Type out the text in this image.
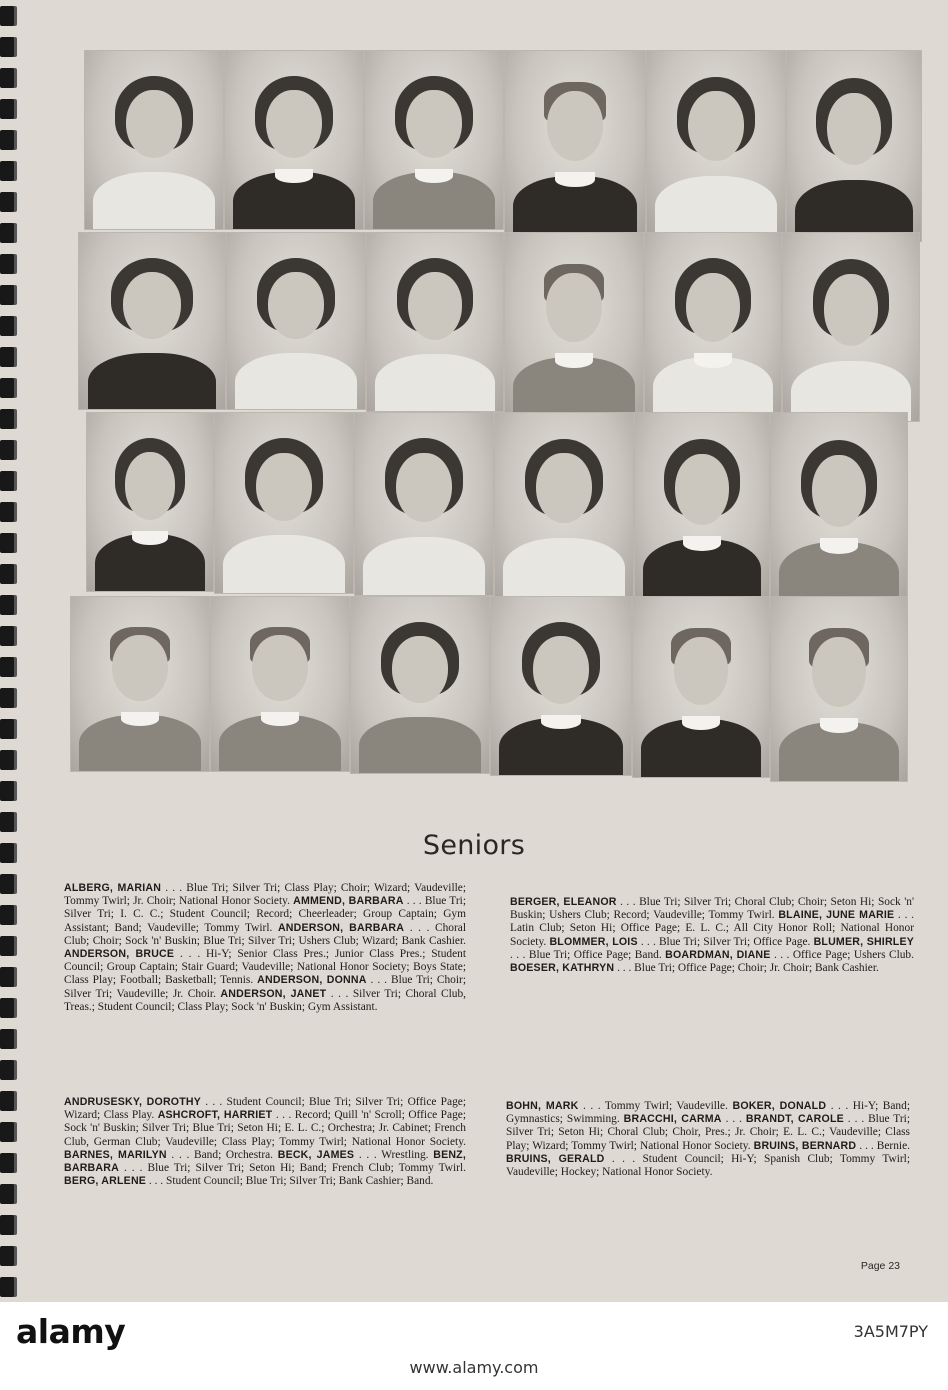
Seniors
ALBERG, MARIAN . . . Blue Tri; Silver Tri; Class Play; Choir; Wizard; Vaudeville; Tommy Twirl; Jr. Choir; National Honor Society. AMMEND, BARBARA . . . Blue Tri; Silver Tri; I. C. C.; Student Council; Record; Cheerleader; Group Captain; Gym Assistant; Band; Vaudeville; Tommy Twirl. ANDERSON, BARBARA . . . Choral Club; Choir; Sock 'n' Buskin; Blue Tri; Silver Tri; Ushers Club; Wizard; Bank Cashier. ANDERSON, BRUCE . . . Hi-Y; Senior Class Pres.; Junior Class Pres.; Student Council; Group Captain; Stair Guard; Vaudeville; National Honor Society; Boys State; Class Play; Football; Basketball; Tennis. ANDERSON, DONNA . . . Blue Tri; Choir; Silver Tri; Vaudeville; Jr. Choir. ANDERSON, JANET . . . Silver Tri; Choral Club, Treas.; Student Council; Class Play; Sock 'n' Buskin; Gym Assistant.
ANDRUSESKY, DOROTHY . . . Student Council; Blue Tri; Silver Tri; Office Page; Wizard; Class Play. ASHCROFT, HARRIET . . . Record; Quill 'n' Scroll; Office Page; Sock 'n' Buskin; Silver Tri; Blue Tri; Seton Hi; E. L. C.; Orchestra; Jr. Cabinet; French Club, German Club; Vaudeville; Class Play; Tommy Twirl; National Honor Society. BARNES, MARILYN . . . Band; Orchestra. BECK, JAMES . . . Wrestling. BENZ, BARBARA . . . Blue Tri; Silver Tri; Seton Hi; Band; French Club; Tommy Twirl. BERG, ARLENE . . . Student Council; Blue Tri; Silver Tri; Bank Cashier; Band.
BERGER, ELEANOR . . . Blue Tri; Silver Tri; Choral Club; Choir; Seton Hi; Sock 'n' Buskin; Ushers Club; Record; Vaudeville; Tommy Twirl. BLAINE, JUNE MARIE . . . Latin Club; Seton Hi; Office Page; E. L. C.; All City Honor Roll; National Honor Society. BLOMMER, LOIS . . . Blue Tri; Silver Tri; Office Page. BLUMER, SHIRLEY . . . Blue Tri; Office Page; Band. BOARDMAN, DIANE . . . Office Page; Ushers Club. BOESER, KATHRYN . . . Blue Tri; Office Page; Choir; Jr. Choir; Bank Cashier.
BOHN, MARK . . . Tommy Twirl; Vaudeville. BOKER, DONALD . . . Hi-Y; Band; Gymnastics; Swimming. BRACCHI, CARMA . . . BRANDT, CAROLE . . . Blue Tri; Silver Tri; Seton Hi; Choral Club; Choir, Pres.; Jr. Choir; E. L. C.; Vaudeville; Class Play; Wizard; Tommy Twirl; National Honor Society. BRUINS, BERNARD . . . Bernie. BRUINS, GERALD . . . Student Council; Hi-Y; Spanish Club; Tommy Twirl; Vaudeville; Hockey; National Honor Society.
Page 23
alamy	3A5M7PY
www.alamy.com
